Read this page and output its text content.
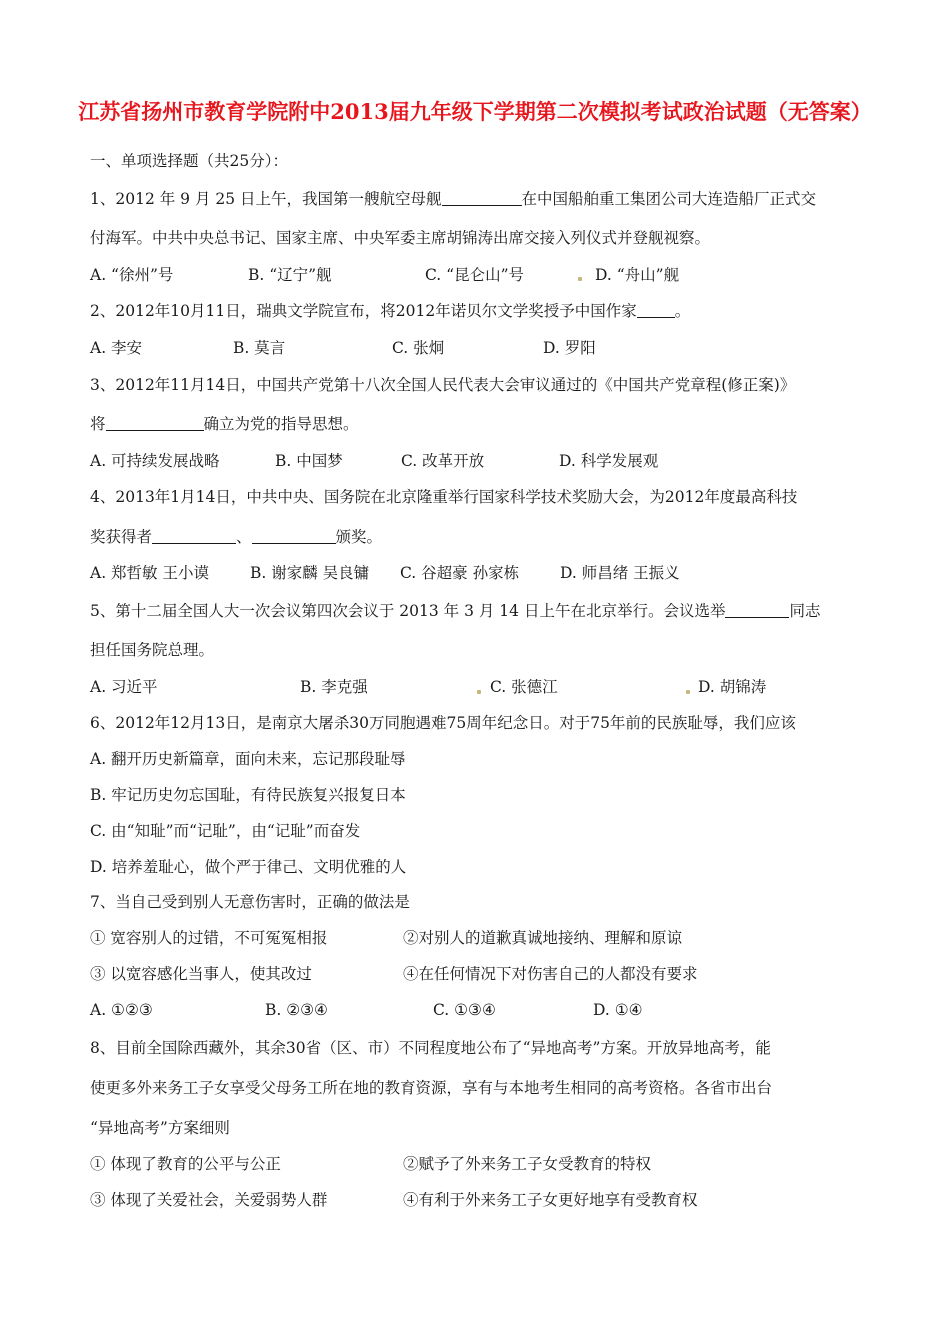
江苏省扬州市教育学院附中2013届九年级下学期第二次模拟考试政治试题（无答案）
一、单项选择题（共25分）：
1、2012 年 9 月 25 日上午，我国第一艘航空母舰	在中国船舶重工集团公司大连造船厂正式交
付海军。中共中央总书记、国家主席、中央军委主席胡锦涛出席交接入列仪式并登舰视察。
A. “徐州”号	B. “辽宁”舰	C. “昆仑山”号	D. “舟山”舰
2、2012年10月11日，瑞典文学院宣布，将2012年诺贝尔文学奖授予中国作家 。
A. 李安	B. 莫言	C. 张炯	D. 罗阳
3、2012年11月14日，中国共产党第十八次全国人民代表大会审议通过的《中国共产党章程(修正案)》
将	确立为党的指导思想。
A. 可持续发展战略	B. 中国梦	C. 改革开放	D. 科学发展观
4、2013年1月14日，中共中央、国务院在北京隆重举行国家科学技术奖励大会，为2012年度最高科技
奖获得者	、	颁奖。
A. 郑哲敏 王小谟	B. 谢家麟 吴良镛 C. 谷超豪 孙家栋	D. 师昌绪 王振义
5、第十二届全国人大一次会议第四次会议于 2013 年 3 月 14 日上午在北京举行。会议选举	同志
担任国务院总理。
A. 习近平	B. 李克强	C. 张德江	D. 胡锦涛
6、2012年12月13日，是南京大屠杀30万同胞遇难75周年纪念日。对于75年前的民族耻辱，我们应该
A. 翻开历史新篇章，面向未来，忘记那段耻辱
B. 牢记历史勿忘国耻，有待民族复兴报复日本
C. 由“知耻”而“记耻”，由“记耻”而奋发
D. 培养羞耻心，做个严于律己、文明优雅的人
7、当自己受到别人无意伤害时，正确的做法是
① 宽容别人的过错，不可冤冤相报	②对别人的道歉真诚地接纳、理解和原谅
③ 以宽容感化当事人，使其改过	④在任何情况下对伤害自己的人都没有要求
A. ①②③	B. ②③④	C. ①③④	D. ①④
8、目前全国除西藏外，其余30省（区、市）不同程度地公布了“异地高考”方案。开放异地高考，能
使更多外来务工子女享受父母务工所在地的教育资源，享有与本地考生相同的高考资格。各省市出台
“异地高考”方案细则
① 体现了教育的公平与公正	②赋予了外来务工子女受教育的特权
③ 体现了关爱社会，关爱弱势人群	④有利于外来务工子女更好地享有受教育权
